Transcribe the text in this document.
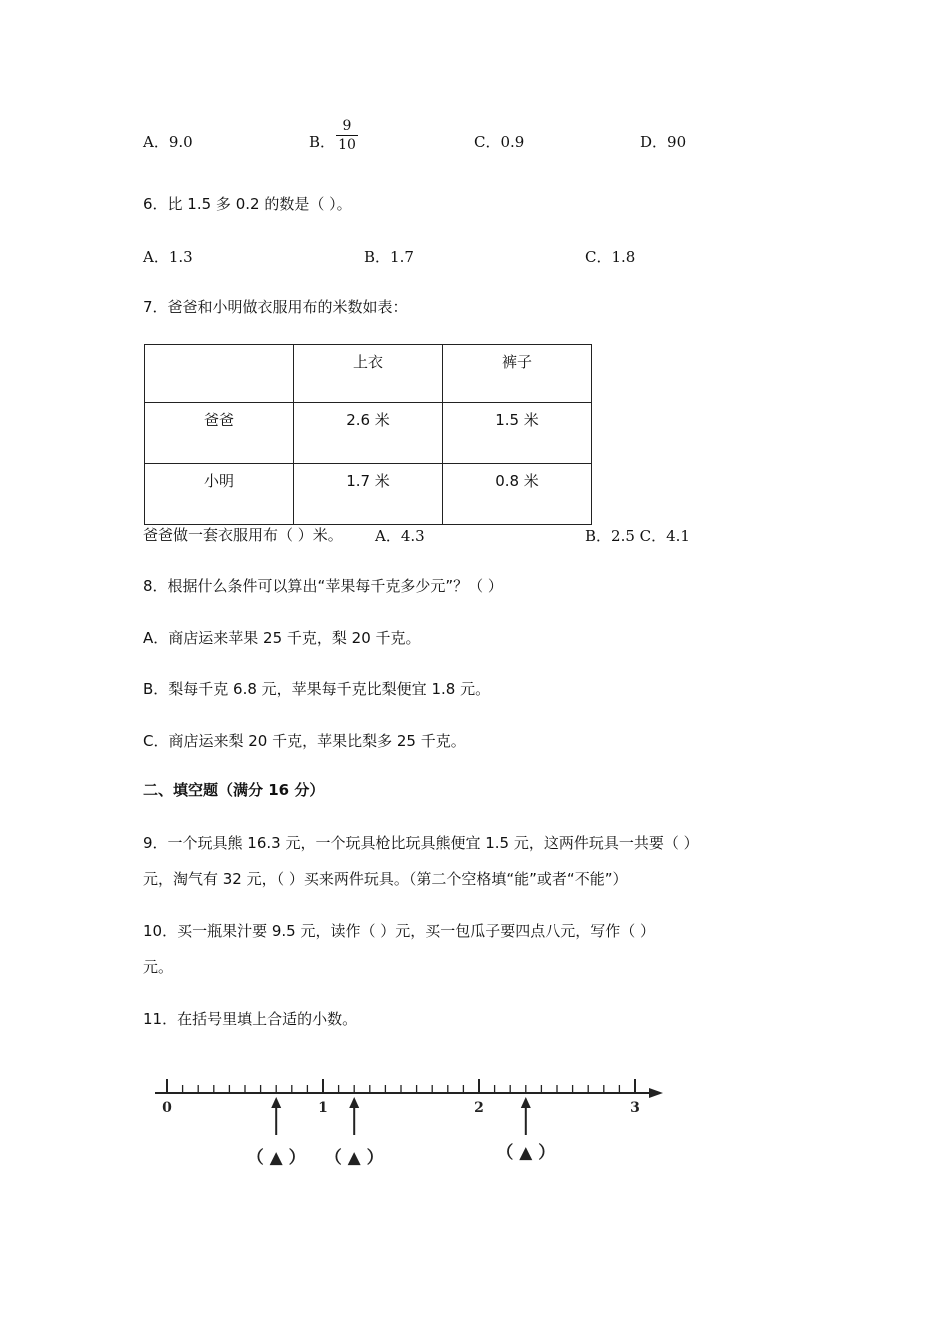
A．9.0	B．
9
10	C．0.9	D．90
6．比 1.5 多 0.2 的数是（ ）。
A．1.3	B．1.7	C．1.8
7．爸爸和小明做衣服用布的米数如表：
	上衣	裤子
爸爸	2.6 米	1.5 米
小明	1.7 米	0.8 米
爸爸做一套衣服用布（ ）米。 A．4.3	B．2.5 C．4.1
8．根据什么条件可以算出“苹果每千克多少元”？（ ）
A．商店运来苹果 25 千克，梨 20 千克。
B．梨每千克 6.8 元，苹果每千克比梨便宜 1.8 元。
C．商店运来梨 20 千克，苹果比梨多 25 千克。
二、填空题（满分 16 分）
9．一个玩具熊 16.3 元，一个玩具枪比玩具熊便宜 1.5 元，这两件玩具一共要（ ）
元，淘气有 32 元，（ ）买来两件玩具。（第二个空格填“能”或者“不能”）
10．买一瓶果汁要 9.5 元，读作（ ）元，买一包瓜子要四点八元，写作（ ）
元。
11．在括号里填上合适的小数。
0	1	2	3
（ ▲ ） （ ▲ ）	（ ▲ ）
